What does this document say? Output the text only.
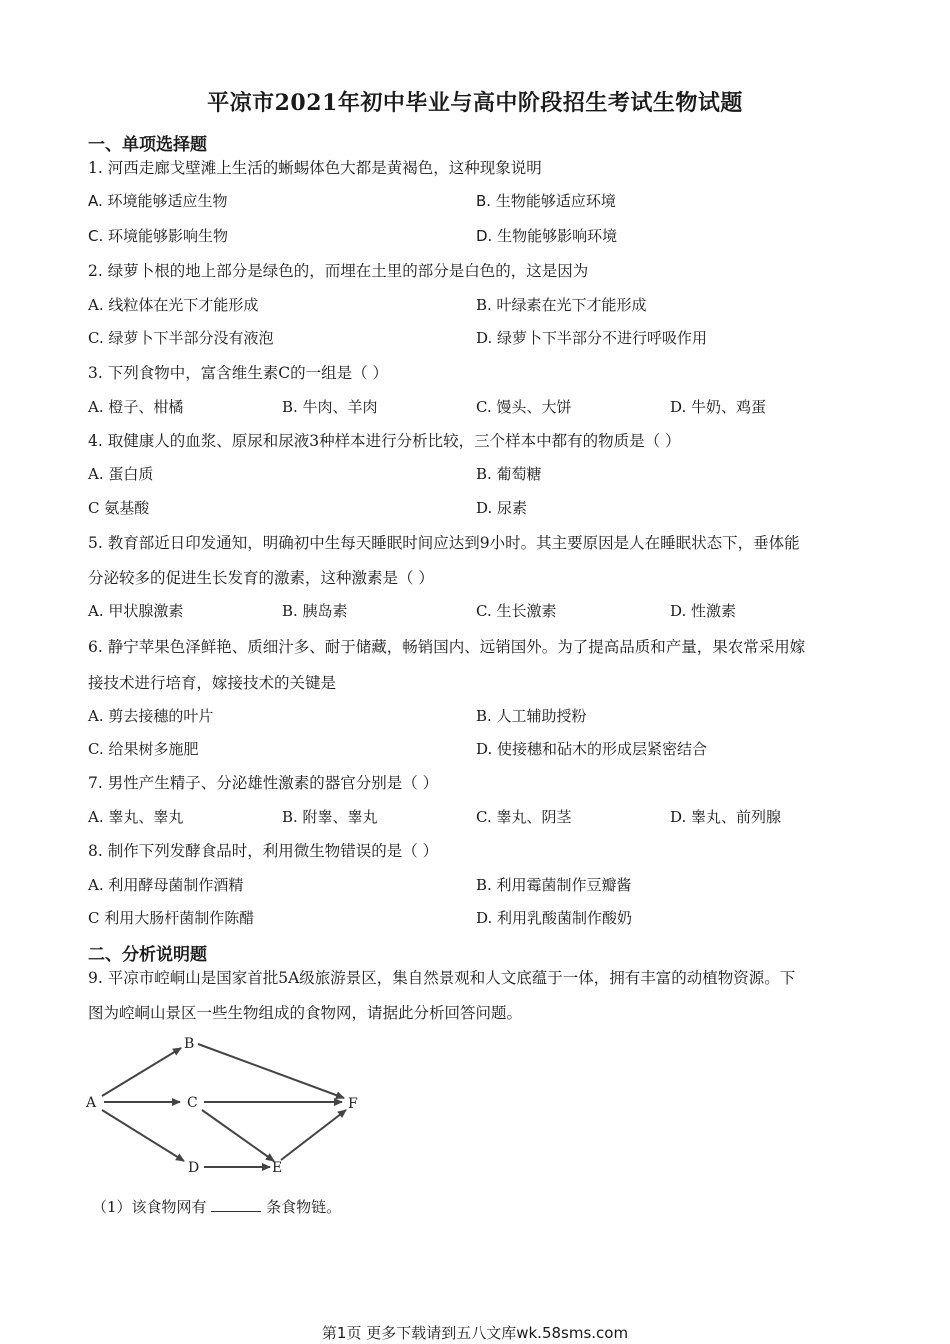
平凉市2021年初中毕业与高中阶段招生考试生物试题
一、单项选择题
1. 河西走廊戈壁滩上生活的蜥蜴体色大都是黄褐色，这种现象说明
A. 环境能够适应生物	B. 生物能够适应环境
C. 环境能够影响生物	D. 生物能够影响环境
2. 绿萝卜根的地上部分是绿色的，而埋在土里的部分是白色的，这是因为
A. 线粒体在光下才能形成	B. 叶绿素在光下才能形成
C. 绿萝卜下半部分没有液泡	D. 绿萝卜下半部分不进行呼吸作用
3. 下列食物中，富含维生素C的一组是（ ）
A. 橙子、柑橘	B. 牛肉、羊肉	C. 馒头、大饼	D. 牛奶、鸡蛋
4. 取健康人的血浆、原尿和尿液3种样本进行分析比较，三个样本中都有的物质是（ ）
A. 蛋白质	B. 葡萄糖
C 氨基酸	D. 尿素
5. 教育部近日印发通知，明确初中生每天睡眠时间应达到9小时。其主要原因是人在睡眠状态下，垂体能
分泌较多的促进生长发育的激素，这种激素是（ ）
A. 甲状腺激素	B. 胰岛素	C. 生长激素	D. 性激素
6. 静宁苹果色泽鲜艳、质细汁多、耐于储藏，畅销国内、远销国外。为了提高品质和产量，果农常采用嫁
接技术进行培育，嫁接技术的关键是
A. 剪去接穗的叶片	B. 人工辅助授粉
C. 给果树多施肥	D. 使接穗和砧木的形成层紧密结合
7. 男性产生精子、分泌雄性激素的器官分别是（ ）
A. 睾丸、睾丸	B. 附睾、睾丸	C. 睾丸、阴茎	D. 睾丸、前列腺
8. 制作下列发酵食品时，利用微生物错误的是（ ）
A. 利用酵母菌制作酒精	B. 利用霉菌制作豆瓣酱
C 利用大肠杆菌制作陈醋	D. 利用乳酸菌制作酸奶
二、分析说明题
9. 平凉市崆峒山是国家首批5A级旅游景区，集自然景观和人文底蕴于一体，拥有丰富的动植物资源。下
图为崆峒山景区一些生物组成的食物网，请据此分析回答问题。
A
B
C
D	E
F
（1）该食物网有	条食物链。
第1页 更多下载请到五八文库wk.58sms.com
